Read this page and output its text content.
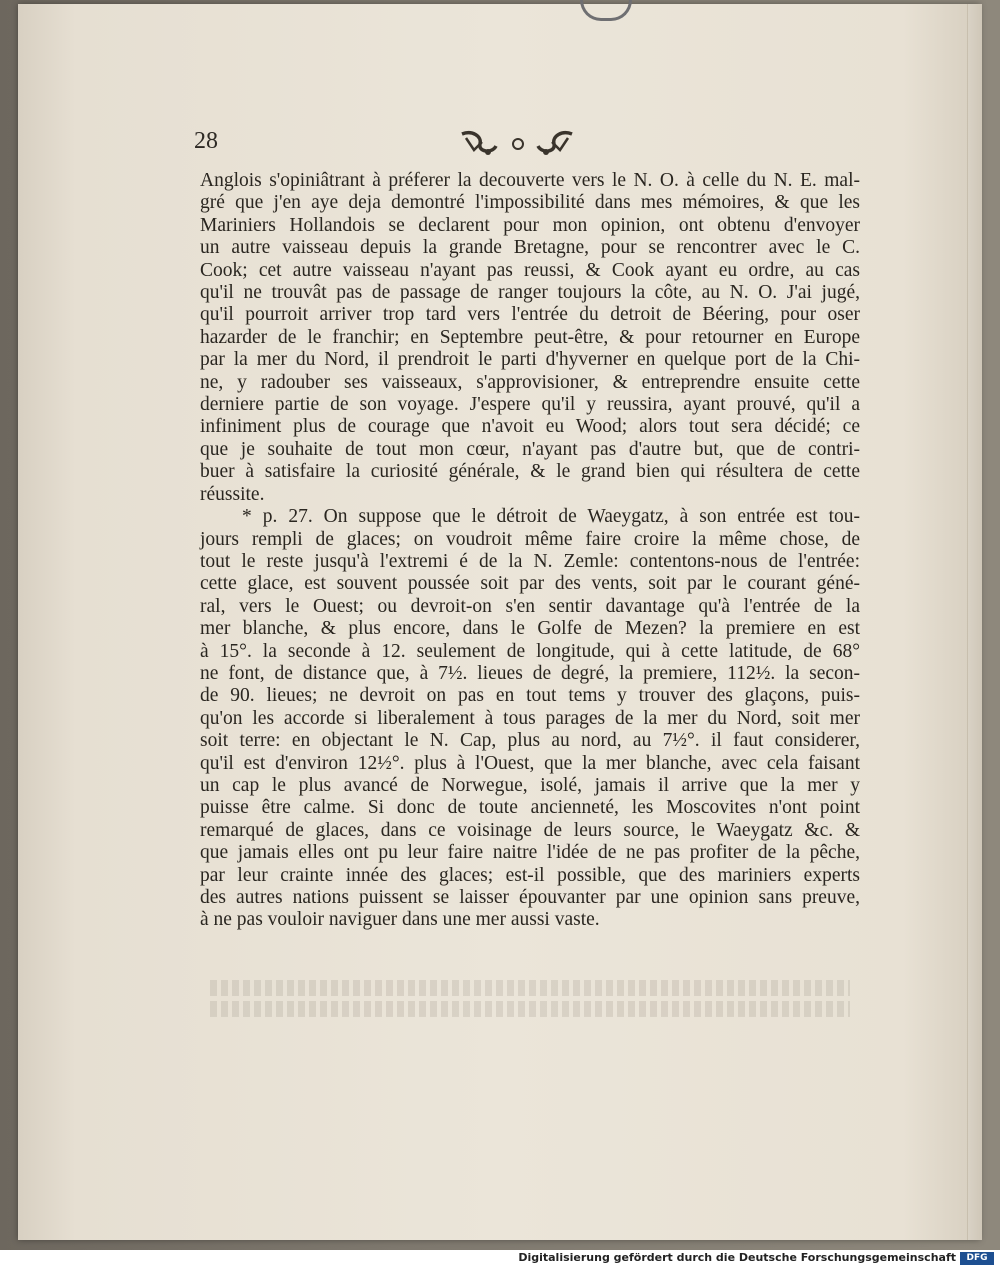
28
Anglois s'opiniâtrant à préferer la decouverte vers le N. O. à celle du N. E. mal-
gré que j'en aye deja demontré l'impossibilité dans mes mémoires, & que les
Mariniers Hollandois se declarent pour mon opinion, ont obtenu d'envoyer
un autre vaisseau depuis la grande Bretagne, pour se rencontrer avec le C.
Cook; cet autre vaisseau n'ayant pas reussi, & Cook ayant eu ordre, au cas
qu'il ne trouvât pas de passage de ranger toujours la côte, au N. O. J'ai jugé,
qu'il pourroit arriver trop tard vers l'entrée du detroit de Béering, pour oser
hazarder de le franchir; en Septembre peut-être, & pour retourner en Europe
par la mer du Nord, il prendroit le parti d'hyverner en quelque port de la Chi-
ne, y radouber ses vaisseaux, s'approvisioner, & entreprendre ensuite cette
derniere partie de son voyage. J'espere qu'il y reussira, ayant prouvé, qu'il a
infiniment plus de courage que n'avoit eu Wood; alors tout sera décidé; ce
que je souhaite de tout mon cœur, n'ayant pas d'autre but, que de contri-
buer à satisfaire la curiosité générale, & le grand bien qui résultera de cette
réussite.
* p. 27. On suppose que le détroit de Waeygatz, à son entrée est tou-
jours rempli de glaces; on voudroit même faire croire la même chose, de
tout le reste jusqu'à l'extremi é de la N. Zemle: contentons-nous de l'entrée:
cette glace, est souvent poussée soit par des vents, soit par le courant géné-
ral, vers le Ouest; ou devroit-on s'en sentir davantage qu'à l'entrée de la
mer blanche, & plus encore, dans le Golfe de Mezen? la premiere en est
à 15°. la seconde à 12. seulement de longitude, qui à cette latitude, de 68°
ne font, de distance que, à 7½. lieues de degré, la premiere, 112½. la secon-
de 90. lieues; ne devroit on pas en tout tems y trouver des glaçons, puis-
qu'on les accorde si liberalement à tous parages de la mer du Nord, soit mer
soit terre: en objectant le N. Cap, plus au nord, au 7½°. il faut considerer,
qu'il est d'environ 12½°. plus à l'Ouest, que la mer blanche, avec cela faisant
un cap le plus avancé de Norwegue, isolé, jamais il arrive que la mer y
puisse être calme. Si donc de toute ancienneté, les Moscovites n'ont point
remarqué de glaces, dans ce voisinage de leurs source, le Waeygatz &c. &
que jamais elles ont pu leur faire naitre l'idée de ne pas profiter de la pêche,
par leur crainte innée des glaces; est-il possible, que des mariniers experts
des autres nations puissent se laisser épouvanter par une opinion sans preuve,
à ne pas vouloir naviguer dans une mer aussi vaste.
Digitalisierung gefördert durch die Deutsche Forschungsgemeinschaft	DFG
